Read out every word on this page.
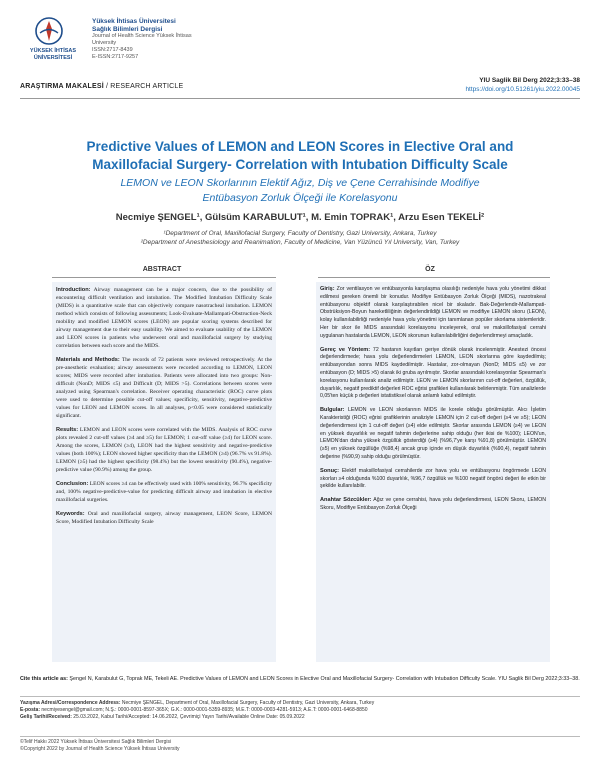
YÜKSEK İHTİSAS
ÜNİVERSİTESİ
Yüksek İhtisas Üniversitesi
Sağlık Bilimleri Dergisi
Journal of Health Science Yüksek İhtisas
University
ISSN:2717-8439
E-ISSN:2717-9257
YIU Saglik Bil Derg 2022;3:33–38
https://doi.org/10.51261/yiu.2022.00045
ARAŞTIRMA MAKALESİ / RESEARCH ARTICLE
Predictive Values of LEMON and LEON Scores in Elective Oral and
Maxillofacial Surgery- Correlation with Intubation Difficulty Scale
LEMON ve LEON Skorlarının Elektif Ağız, Diş ve Çene Cerrahisinde Modifiye
Entübasyon Zorluk Ölçeği ile Korelasyonu
Necmiye ŞENGEL¹, Gülsüm KARABULUT¹, M. Emin TOPRAK¹, Arzu Esen TEKELİ²
¹Department of Oral, Maxillofacial Surgery, Faculty of Dentistry, Gazi University, Ankara, Turkey
²Department of Anesthesiology and Reanimation, Faculty of Medicine, Van Yüzüncü Yıl University, Van, Turkey
ABSTRACT	ÖZ

Introduction: Airway management can be a major concern, due to the possibility of encountering difficult ventilation and intubation. The Modified Intubation Difficulty Scale (MIDS) is a quantitative scale that can objectively compare nasotracheal intubation. LEMON method which consists of following assessments; Look-Evaluate-Mallampati-Obstruction-Neck mobility and modified LEMON scores (LEON) are popular scoring systems described for airway management due to their easy usability. We aimed to evaluate usability of the LEMON and LEON scores in patients who underwent oral and maxillofacial surgery by studying correlation between each score and the MIDS.

Materials and Methods: The records of 72 patients were reviewed retrospectively. At the pre-anesthetic evaluation; airway assessments were recorded according to LEMON, LEON scores; MIDS were recorded after intubation. Patients were allocated into two groups: Non-difficult (NonD; MIDS ≤5) and Difficult (D; MIDS >5). Correlations between scores were analyzed using Spearman's correlation. Receiver operating characteristic (ROC) curve plots were used to determine possible cut-off values; specificity, sensitivity, negative-predictive values for LEON and LEMON scores. In all analyses, p<0.05 were considered statistically significant.

Results: LEMON and LEON scores were correlated with the MIDS. Analysis of ROC curve plots revealed 2 cut-off values (≥4 and ≥5) for LEMON; 1 cut-off value (≥4) for LEON score. Among the scores, LEMON (≥4), LEON had the highest sensitivity and negative-predictive values (both 100%); LEON showed higher specificity than the LEMON (≥4) (96.7% vs 91.8%). LEMON (≥5) had the highest specificity (98.4%) but the lowest sensitivity (90.4%), negative-predictive value (90.9%) among the group.

Conclusion: LEON scores ≥4 can be effectively used with 100% sensitivity, 96.7% specificity and, 100% negative-predictive-value for predicting difficult airway and intubation in elective maxillofacial surgeries.

Keywords: Oral and maxillofacial surgery, airway management, LEON Score, LEMON Score, Modified Intubation Difficulty Scale

Giriş: Zor ventilasyon ve entübasyonla karşılaşma olasılığı nedeniyle hava yolu yönetimi dikkat edilmesi gereken önemli bir konudur. Modifiye Entübasyon Zorluk Ölçeği (MIDS), nazotrakeal entübasyonu objektif olarak karşılaştırabilen nicel bir skaladır. Bak-Değerlendir-Mallampati-Obstrüksiyon-Boyun hareketliliğinin değerlendirildiği LEMON ve modifiye LEMON skoru (LEON), kolay kullanılabilirliği nedeniyle hava yolu yönetimi için tanımlanan popüler skorlama sistemleridir. Her bir skor ile MIDS arasındaki korelasyonu inceleyerek, oral ve maksillofasiyal cerrahi uygulanan hastalarda LEMON, LEON skorunun kullanılabilirliğini değerlendirmeyi amaçladık.

Gereç ve Yöntem: 72 hastanın kayıtları geriye dönük olarak incelenmiştir. Anestezi öncesi değerlendirmede; hava yolu değerlendirmeleri LEMON, LEON skorlarına göre kaydedilmiş; entübasyondan sonra MIDS kaydedilmiştir. Hastalar, zor-olmayan (NonD; MIDS ≤5) ve zor entübasyon (D; MIDS >5) olarak iki gruba ayrılmıştır. Skorlar arasındaki korelasyonlar Spearman's korelasyonu kullanılarak analiz edilmiştir. LEON ve LEMON skorlarının cut-off değerleri, özgüllük, duyarlılık, negatif prediktif değerleri ROC eğrisi grafikleri kullanılarak belirlenmiştir. Tüm analizlerde 0,05'ten küçük p değerleri istatistiksel olarak anlamlı kabul edilmiştir.

Bulgular: LEMON ve LEON skorlarının MIDS ile korele olduğu görülmüştür. Alıcı İşletim Karakteristiği (ROC) eğrisi grafiklerinin analiziyle LEMON için 2 cut-off değeri (≥4 ve ≥5); LEON değerlendirmesi için 1 cut-off değeri (≥4) elde edilmiştir. Skorlar arasında LEMON (≥4) ve LEON en yüksek duyarlılık ve negatif tahmin değerlerine sahip olduğu (her ikisi de %100); LEON'un, LEMON'dan daha yüksek özgüllük gösterdiği (≥4) (%96,7'ye karşı %91,8) görülmüştür. LEMON (≥5) en yüksek özgüllüğe (%98,4) ancak grup içinde en düşük duyarlılık (%90,4), negatif tahmin değerine (%90,9) sahip olduğu görülmüştür.

Sonuç: Elektif maksillofasiyal cerrahilerde zor hava yolu ve entübasyonu öngörmede LEON skorları ≥4 olduğunda %100 duyarlılık, %96,7 özgüllük ve %100 negatif öngörü değeri ile etkin bir şekilde kullanılabilir.

Anahtar Sözcükler: Ağız ve çene cerrahisi, hava yolu değerlendirmesi, LEON Skoru, LEMON Skoru, Modifiye Entübasyon Zorluk Ölçeği

Cite this article as: Şengel N, Karabulut G, Toprak ME, Tekeli AE. Predictive Values of LEMON and LEON Scores in Elective Oral and Maxillofacial Surgery- Correlation with Intubation Difficulty Scale. YIU Saglik Bil Derg 2022;3:33–38.
Yazışma Adresi/Correspondence Address: Necmiye ŞENGEL, Department of Oral, Maxillofacial Surgery, Faculty of Dentistry, Gazi University, Ankara, Turkey
E-posta: necmiyesengel@gmail.com; N.Ş.: 0000-0001-8597-365X; G.K.: 0000-0001-5359-8935; M.E.T: 0000-0003-4281-5913; A.E.T: 0000-0001-6468-8850
Geliş Tarihi/Received: 25.03.2022, Kabul Tarihi/Accepted: 14.06.2022, Çevrimiçi Yayın Tarihi/Available Online Date: 05.09.2022
©Telif Hakkı 2022 Yüksek İhtisas Üniversitesi Sağlık Bilimleri Dergisi
©Copyright 2022 by Journal of Health Science Yüksek İhtisas University
